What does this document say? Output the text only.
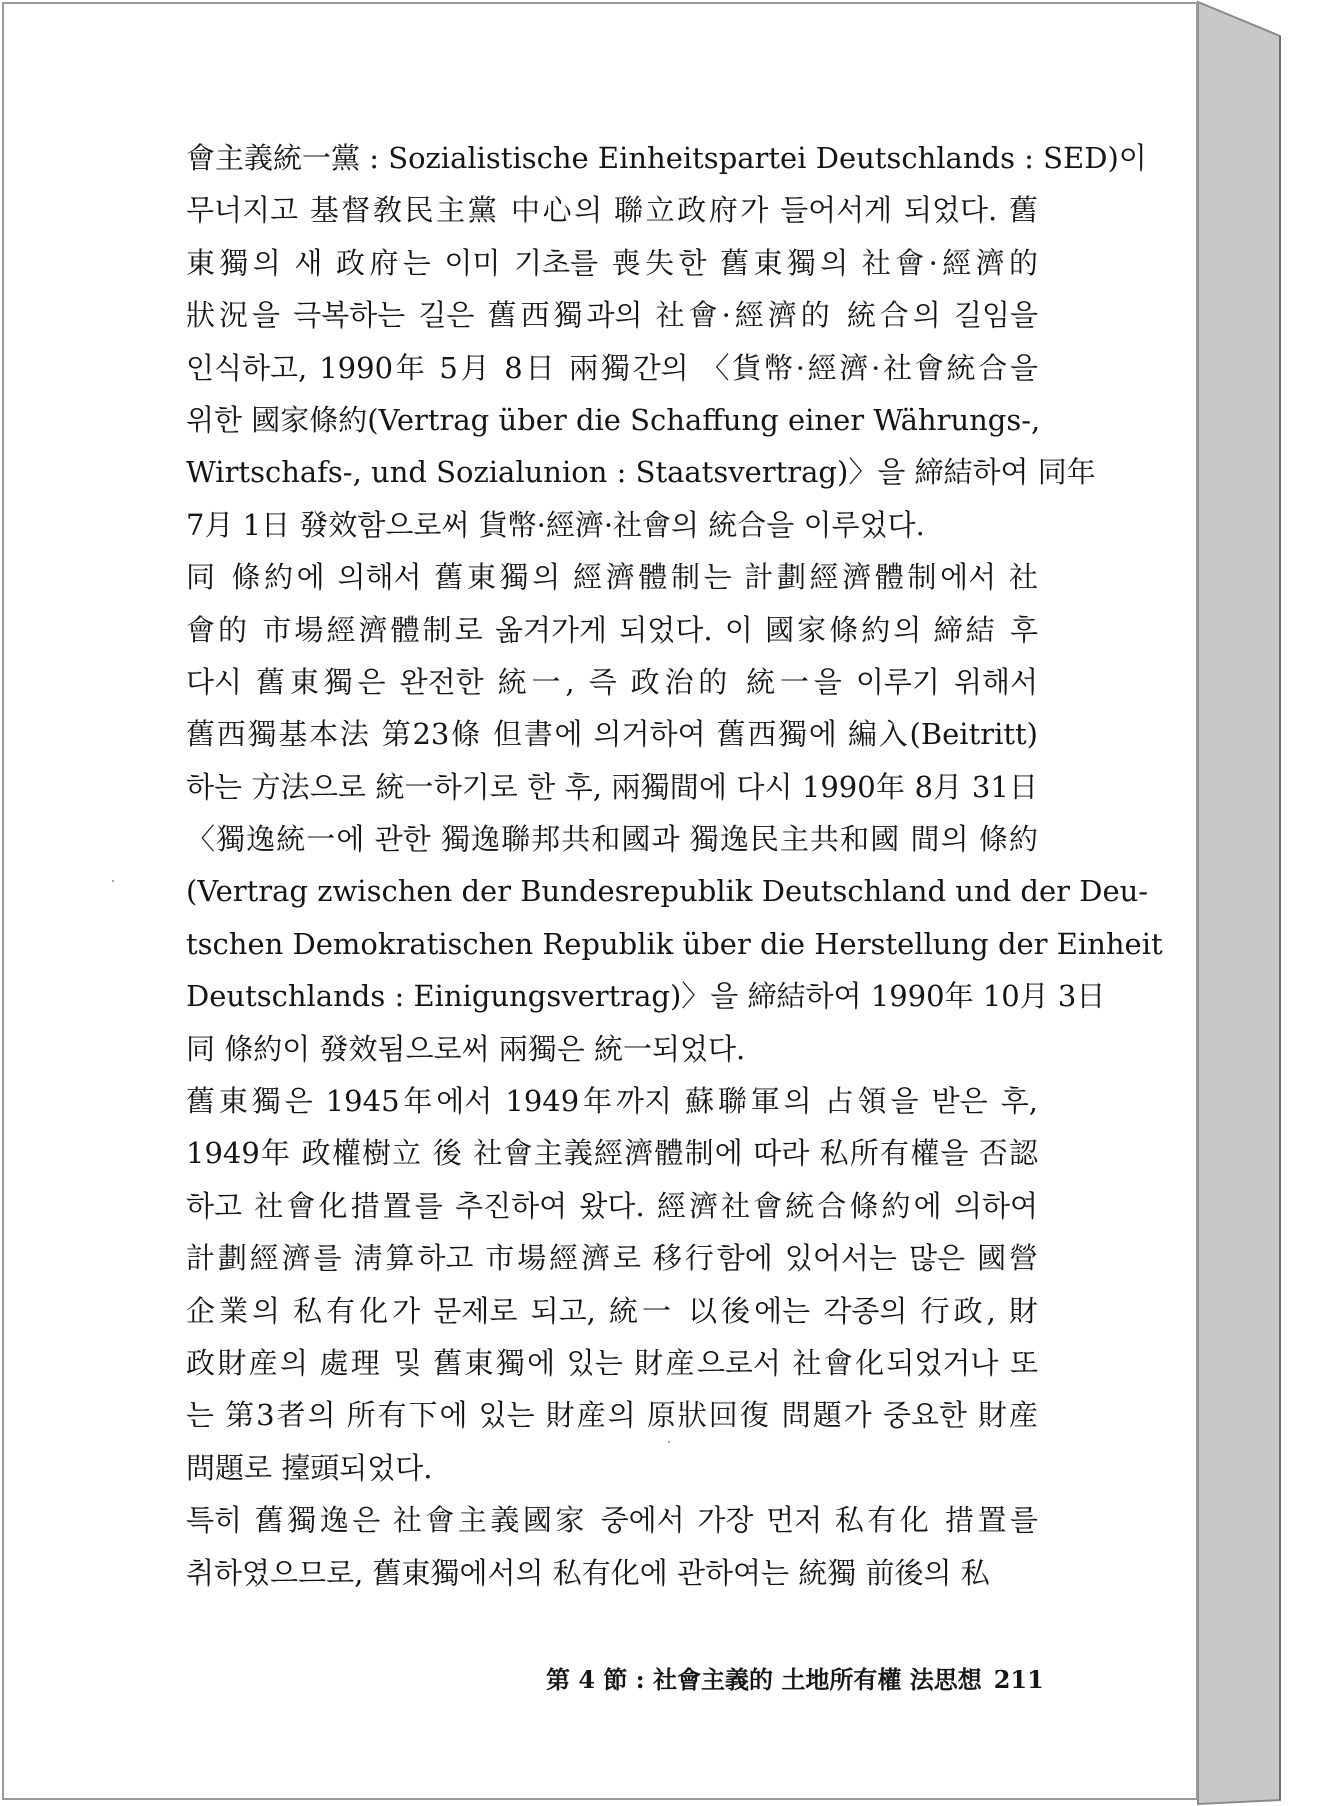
會主義統一黨 : Sozialistische Einheitspartei Deutschlands : SED)이
무너지고 基督敎民主黨 中心의 聯立政府가 들어서게 되었다. 舊
東獨의 새 政府는 이미 기초를 喪失한 舊東獨의 社會·經濟的
狀況을 극복하는 길은 舊西獨과의 社會·經濟的 統合의 길임을
인식하고, 1990年 5月 8日 兩獨간의 〈貨幣·經濟·社會統合을
위한 國家條約(Vertrag über die Schaffung einer Währungs-,
Wirtschafs-, und Sozialunion : Staatsvertrag)〉을 締結하여 同年
7月 1日 發效함으로써 貨幣·經濟·社會의 統合을 이루었다.
同 條約에 의해서 舊東獨의 經濟體制는 計劃經濟體制에서 社
會的 市場經濟體制로 옮겨가게 되었다. 이 國家條約의 締結 후
다시 舊東獨은 완전한 統一, 즉 政治的 統一을 이루기 위해서
舊西獨基本法 第23條 但書에 의거하여 舊西獨에 編入(Beitritt)
하는 方法으로 統一하기로 한 후, 兩獨間에 다시 1990年 8月 31日
〈獨逸統一에 관한 獨逸聯邦共和國과 獨逸民主共和國 間의 條約
(Vertrag zwischen der Bundesrepublik Deutschland und der Deu-
tschen Demokratischen Republik über die Herstellung der Einheit
Deutschlands : Einigungsvertrag)〉을 締結하여 1990年 10月 3日
同 條約이 發效됨으로써 兩獨은 統一되었다.
舊東獨은 1945年에서 1949年까지 蘇聯軍의 占領을 받은 후,
1949年 政權樹立 後 社會主義經濟體制에 따라 私所有權을 否認
하고 社會化措置를 추진하여 왔다. 經濟社會統合條約에 의하여
計劃經濟를 淸算하고 市場經濟로 移行함에 있어서는 많은 國營
企業의 私有化가 문제로 되고, 統一 以後에는 각종의 行政, 財
政財産의 處理 및 舊東獨에 있는 財産으로서 社會化되었거나 또
는 第3者의 所有下에 있는 財産의 原狀回復 問題가 중요한 財産
問題로 擡頭되었다.
특히 舊獨逸은 社會主義國家 중에서 가장 먼저 私有化 措置를
취하였으므로, 舊東獨에서의 私有化에 관하여는 統獨 前後의 私
第 4 節 : 社會主義的 土地所有權 法思想 211
